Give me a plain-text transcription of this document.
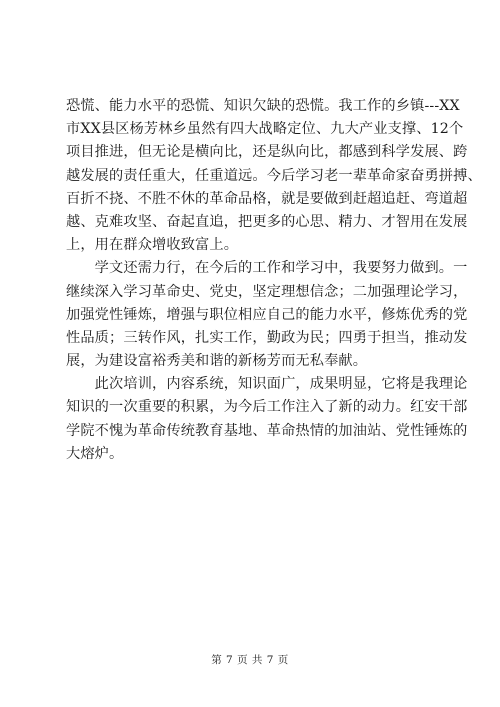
恐慌、能力水平的恐慌、知识欠缺的恐慌。我工作的乡镇---XX
市XX县区杨芳林乡虽然有四大战略定位、九大产业支撑、12个
项目推进，但无论是横向比，还是纵向比，都感到科学发展、跨
越发展的责任重大，任重道远。今后学习老一辈革命家奋勇拼搏、
百折不挠、不胜不休的革命品格，就是要做到赶超追赶、弯道超
越、克难攻坚、奋起直追，把更多的心思、精力、才智用在发展
上，用在群众增收致富上。
　　学文还需力行，在今后的工作和学习中，我要努力做到。一
继续深入学习革命史、党史，坚定理想信念；二加强理论学习，
加强党性锤炼，增强与职位相应自己的能力水平，修炼优秀的党
性品质；三转作风，扎实工作，勤政为民；四勇于担当，推动发
展，为建设富裕秀美和谐的新杨芳而无私奉献。
　　此次培训，内容系统，知识面广，成果明显，它将是我理论
知识的一次重要的积累，为今后工作注入了新的动力。红安干部
学院不愧为革命传统教育基地、革命热情的加油站、党性锤炼的
大熔炉。
第 7 页 共 7 页
